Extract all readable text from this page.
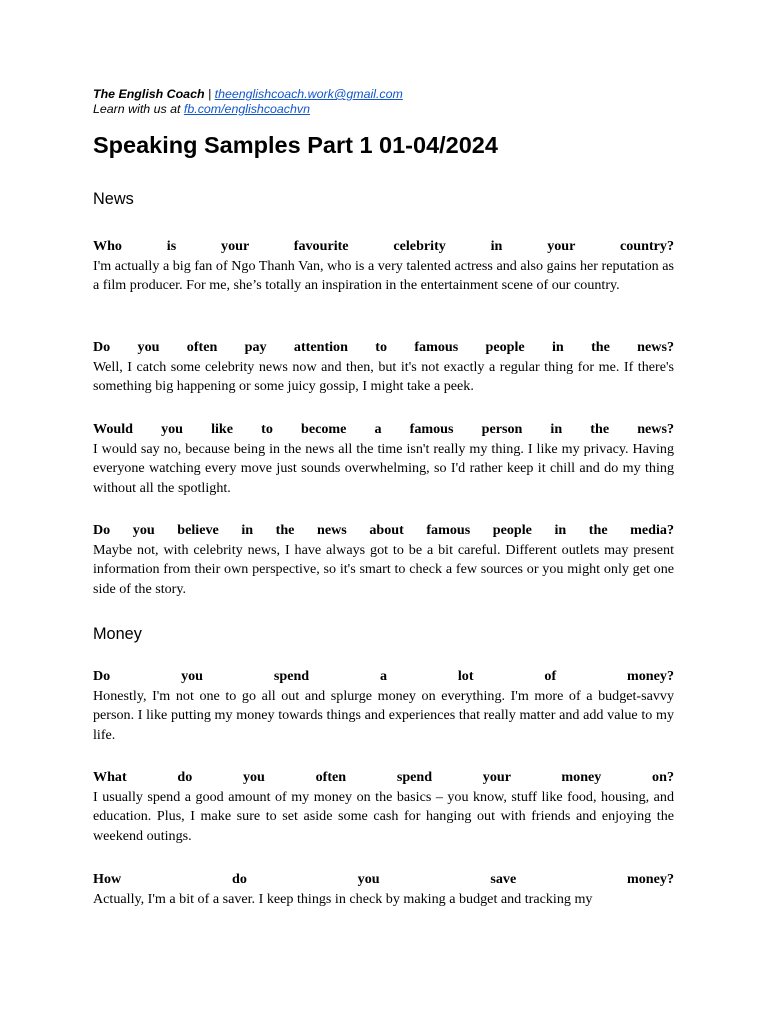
The English Coach | theenglishcoach.work@gmail.com
Learn with us at fb.com/englishcoachvn
Speaking Samples Part 1 01-04/2024
News
Who is your favourite celebrity in your country?
I'm actually a big fan of Ngo Thanh Van, who is a very talented actress and also gains her reputation as a film producer. For me, she’s totally an inspiration in the entertainment scene of our country.
Do you often pay attention to famous people in the news?
Well, I catch some celebrity news now and then, but it's not exactly a regular thing for me. If there's something big happening or some juicy gossip, I might take a peek.
Would you like to become a famous person in the news?
I would say no, because being in the news all the time isn't really my thing. I like my privacy. Having everyone watching every move just sounds overwhelming, so I'd rather keep it chill and do my thing without all the spotlight.
Do you believe in the news about famous people in the media?
Maybe not, with celebrity news, I have always got to be a bit careful. Different outlets may present information from their own perspective, so it's smart to check a few sources or you might only get one side of the story.
Money
Do you spend a lot of money?
Honestly, I'm not one to go all out and splurge money on everything. I'm more of a budget-savvy person. I like putting my money towards things and experiences that really matter and add value to my life.
What do you often spend your money on?
I usually spend a good amount of my money on the basics – you know, stuff like food, housing, and education. Plus, I make sure to set aside some cash for hanging out with friends and enjoying the weekend outings.
How do you save money?
Actually, I'm a bit of a saver. I keep things in check by making a budget and tracking my
